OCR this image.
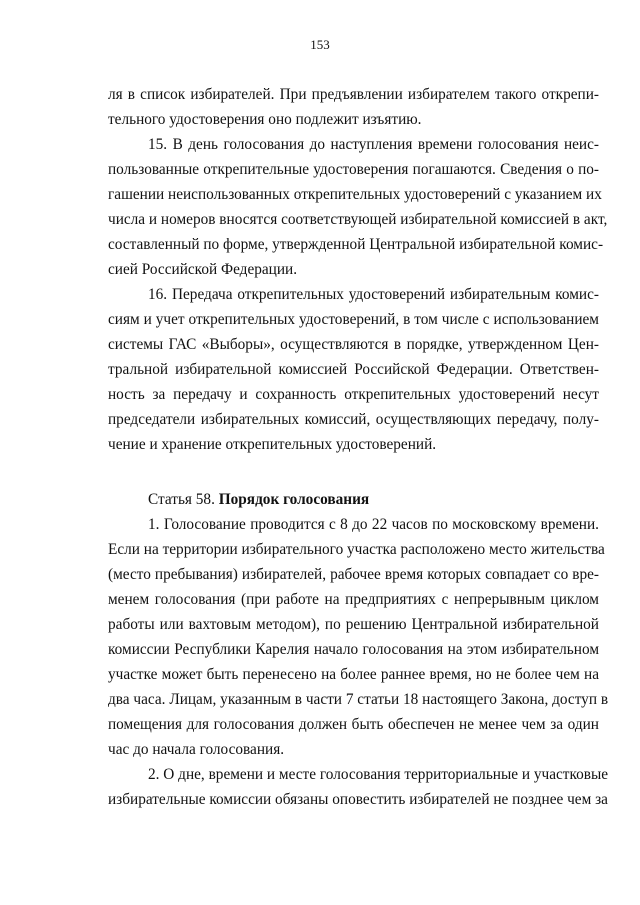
153
ля в список избирателей. При предъявлении избирателем такого открепи-
тельного удостоверения оно подлежит изъятию.
15. В день голосования до наступления времени голосования неис-
пользованные открепительные удостоверения погашаются. Сведения о по-
гашении неиспользованных открепительных удостоверений с указанием их
числа и номеров вносятся соответствующей избирательной комиссией в акт,
составленный по форме, утвержденной Центральной избирательной комис-
сией Российской Федерации.
16. Передача открепительных удостоверений избирательным комис-
сиям и учет открепительных удостоверений, в том числе с использованием
системы ГАС «Выборы», осуществляются в порядке, утвержденном Цен-
тральной избирательной комиссией Российской Федерации. Ответствен-
ность за передачу и сохранность открепительных удостоверений несут
председатели избирательных комиссий, осуществляющих передачу, полу-
чение и хранение открепительных удостоверений.
Статья 58. Порядок голосования
1. Голосование проводится с 8 до 22 часов по московскому времени.
Если на территории избирательного участка расположено место жительства
(место пребывания) избирателей, рабочее время которых совпадает со вре-
менем голосования (при работе на предприятиях с непрерывным циклом
работы или вахтовым методом), по решению Центральной избирательной
комиссии Республики Карелия начало голосования на этом избирательном
участке может быть перенесено на более раннее время, но не более чем на
два часа. Лицам, указанным в части 7 статьи 18 настоящего Закона, доступ в
помещения для голосования должен быть обеспечен не менее чем за один
час до начала голосования.
2. О дне, времени и месте голосования территориальные и участковые
избирательные комиссии обязаны оповестить избирателей не позднее чем за
